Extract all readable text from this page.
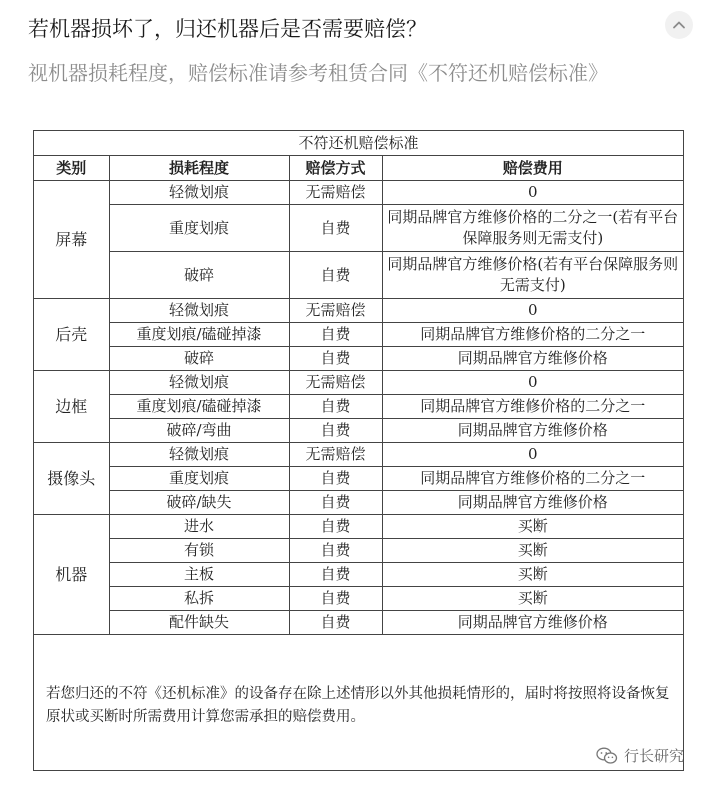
若机器损坏了，归还机器后是否需要赔偿？
视机器损耗程度，赔偿标准请参考租赁合同《不符还机赔偿标准》
不符还机赔偿标准			
类别	损耗程度	赔偿方式	赔偿费用
屏幕	轻微划痕	无需赔偿	0
	重度划痕	自费	同期品牌官方维修价格的二分之一(若有平台保障服务则无需支付)
	破碎	自费	同期品牌官方维修价格(若有平台保障服务则无需支付)
后壳	轻微划痕	无需赔偿	0
	重度划痕/磕碰掉漆	自费	同期品牌官方维修价格的二分之一
	破碎	自费	同期品牌官方维修价格
边框	轻微划痕	无需赔偿	0
	重度划痕/磕碰掉漆	自费	同期品牌官方维修价格的二分之一
	破碎/弯曲	自费	同期品牌官方维修价格
摄像头	轻微划痕	无需赔偿	0
	重度划痕	自费	同期品牌官方维修价格的二分之一
	破碎/缺失	自费	同期品牌官方维修价格
机器	进水	自费	买断
	有锁	自费	买断
	主板	自费	买断
	私拆	自费	买断
	配件缺失	自费	同期品牌官方维修价格
若您归还的不符《还机标准》的设备存在除上述情形以外其他损耗情形的，届时将按照将设备恢复原状或买断时所需费用计算您需承担的赔偿费用。
行长研究
